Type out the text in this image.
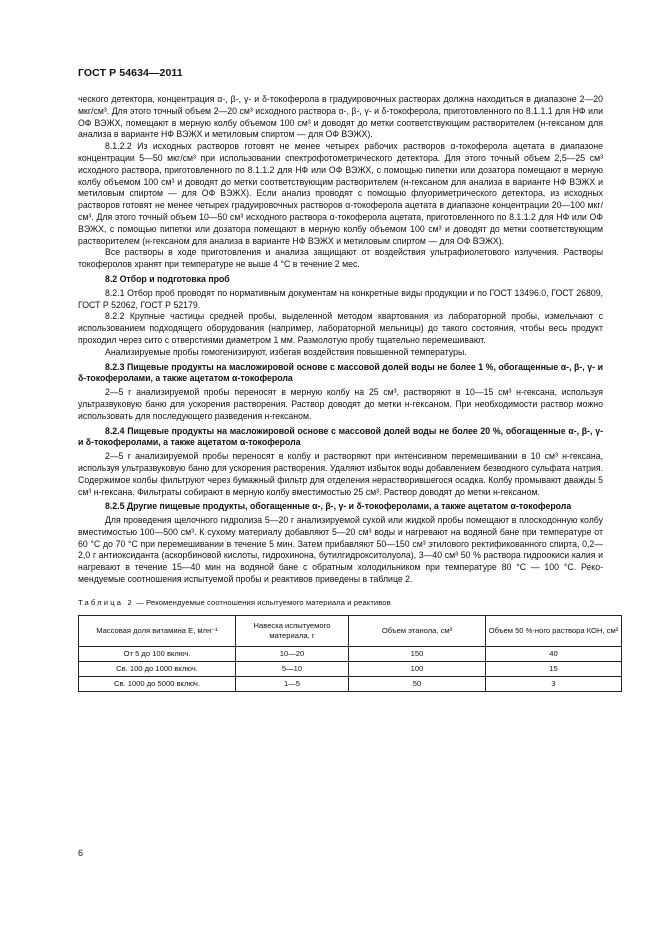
ГОСТ Р 54634—2011

ческого детектора, концентрация α-, β-, γ- и δ-токоферола в градуировочных растворах должна находиться в диапазоне 2—20 мкг/см³. Для этого точный объем 2—20 см³ исходного раствора α-, β-, γ- и δ-токоферола, приготовленного по 8.1.1.1 для НФ или ОФ ВЭЖХ, помещают в мерную колбу объемом 100 см³ и доводят до метки соответствующим растворителем (н-гексаном для анализа в варианте НФ ВЭЖХ и метиловым спиртом — для ОФ ВЭЖХ).

8.1.2.2 Из исходных растворов готовят не менее четырех рабочих растворов α-токоферола ацетата в диапазоне концентрации 5—50 мкг/см³ при использовании спектрофотометрического детектора. Для этого точный объем 2,5—25 см³ исходного раствора, приготовленного по 8.1.1.2 для НФ или ОФ ВЭЖХ, с помощью пипетки или дозатора помещают в мерную колбу объемом 100 см³ и доводят до метки соответствующим растворителем (н-гексаном для анализа в варианте НФ ВЭЖХ и метиловым спиртом — для ОФ ВЭЖХ). Если анализ проводят с помощью флуориметрического детектора, из исходных растворов готовят не менее четырех градуировочных растворов α-токоферола ацетата в диапазоне концентрации 20—100 мкг/см³. Для этого точный объем 10—50 см³ исходного раствора α-токоферола ацетата, приготовленного по 8.1.1.2 для НФ или ОФ ВЭЖХ, с помощью пипетки или дозатора помещают в мерную колбу объемом 100 см³ и доводят до метки соответствующим растворителем (н-гексаном для анализа в варианте НФ ВЭЖХ и метиловым спиртом — для ОФ ВЭЖХ).

Все растворы в ходе приготовления и анализа защищают от воздействия ультрафиолетового излучения. Растворы токоферолов хранят при температуре не выше 4 °С в течение 2 мес.

8.2 Отбор и подготовка проб

8.2.1 Отбор проб проводят по нормативным документам на конкретные виды продукции и по ГОСТ 13496.0, ГОСТ 26809, ГОСТ Р 52062, ГОСТ Р 52179.

8.2.2 Крупные частицы средней пробы, выделенной методом квартования из лабораторной пробы, измельчают с использованием подходящего оборудования (например, лабораторной мельницы) до такого состояния, чтобы весь продукт проходил через сито с отверстиями диаметром 1 мм. Размолотую пробу тщательно перемешивают.

Анализируемые пробы гомогенизируют, избегая воздействия повышенной температуры.

8.2.3 Пищевые продукты на масложировой основе с массовой долей воды не более 1 %, обогащенные α-, β-, γ- и δ-токоферолами, а также ацетатом α-токоферола

2—5 г анализируемой пробы переносят в мерную колбу на 25 см³, растворяют в 10—15 см³ н-гексана, используя ультразвуковую баню для ускорения растворения. Раствор доводят до метки н-гексаном. При необходимости раствор можно использовать для последующего разведения н-гексаном.

8.2.4 Пищевые продукты на масложировой основе с массовой долей воды не более 20 %, обогащенные α-, β-, γ- и δ-токоферолами, а также ацетатом α-токоферола

2—5 г анализируемой пробы переносят в колбу и растворяют при интенсивном перемешивании в 10 см³ н-гексана, используя ультразвуковую баню для ускорения растворения. Удаляют избыток воды добавлением безводного сульфата натрия. Содержимое колбы фильтруют через бумажный фильтр для отделения нерастворившегося осадка. Колбу промывают дважды 5 см³ н-гексана. Фильтраты собирают в мерную колбу вместимостью 25 см³. Раствор доводят до метки н-гексаном.

8.2.5 Другие пищевые продукты, обогащенные α-, β-, γ- и δ-токоферолами, а также ацетатом α-токоферола

Для проведения щелочного гидролиза 5—20 г анализируемой сухой или жидкой пробы помещают в плоскодонную колбу вместимостью 100—500 см³. К сухому материалу добавляют 5—20 см³ воды и нагревают на водяной бане при температуре от 60 °С до 70 °С при перемешивании в течение 5 мин. Затем прибавляют 50—150 см³ этилового ректификованного спирта, 0,2—2,0 г антиоксиданта (аскорбиновой кислоты, гидрохинона, бутилгидрокситолуола), 3—40 см³ 50 % раствора гидроокиси калия и нагревают в течение 15—40 мин на водяной бане с обратным холодильником при температуре 80 °С — 100 °С. Рекомендуемые соотношения испытуемой пробы и реактивов приведены в таблице 2.

Таблица 2 — Рекомендуемые соотношения испытуемого материала и реактивов
Массовая доля витамина Е, млн⁻¹	Навеска испытуемого материала, г	Объем этанола, см³	Объем 50 %-ного раствора КОН, см³
От 5 до 100 включ.	10—20	150	40
Св. 100 до 1000 включ.	5—10	100	15
Св. 1000 до 5000 включ.	1—5	50	3
6
